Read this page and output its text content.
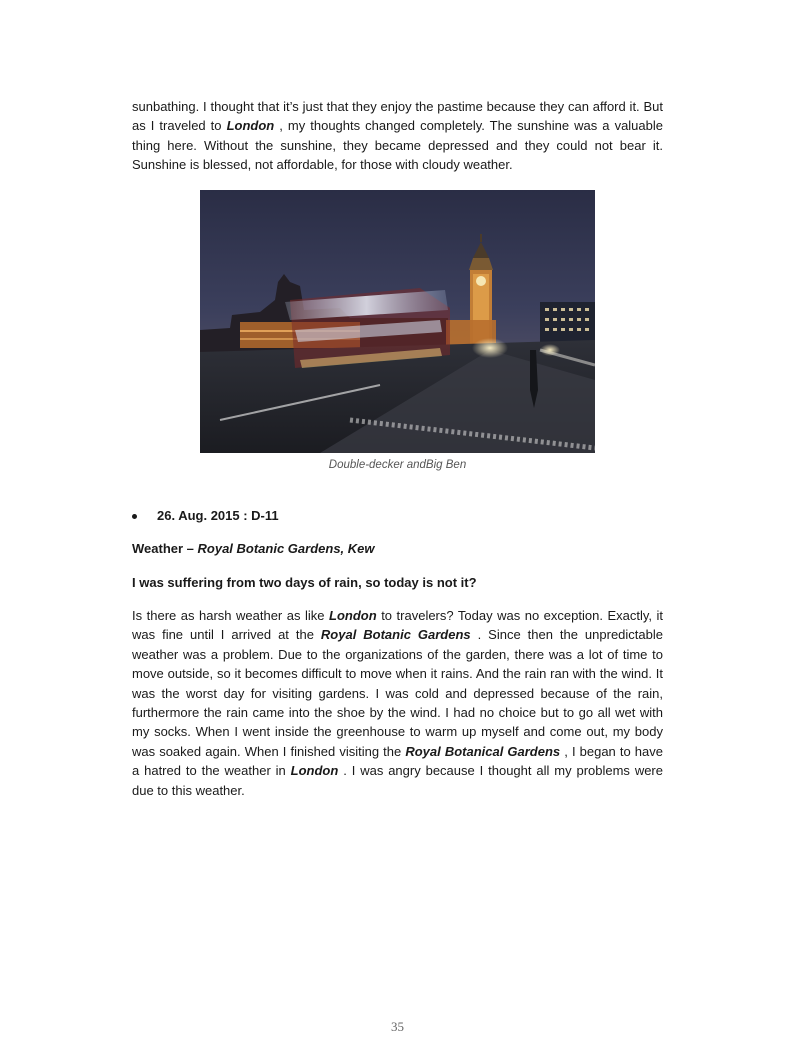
sunbathing. I thought that it’s just that they enjoy the pastime because they can afford it. But as I traveled to London , my thoughts changed completely. The sunshine was a valuable thing here. Without the sunshine, they became depressed and they could not bear it. Sunshine is blessed, not affordable, for those with cloudy weather.

Double-decker andBig Ben
26. Aug. 2015 : D-11
Weather – Royal Botanic Gardens, Kew
I was suffering from two days of rain, so today is not it?

Is there as harsh weather as like London to travelers? Today was no exception. Exactly, it was fine until I arrived at the Royal Botanic Gardens . Since then the unpredictable weather was a problem. Due to the organizations of the garden, there was a lot of time to move outside, so it becomes difficult to move when it rains. And the rain ran with the wind. It was the worst day for visiting gardens. I was cold and depressed because of the rain, furthermore the rain came into the shoe by the wind. I had no choice but to go all wet with my socks. When I went inside the greenhouse to warm up myself and come out, my body was soaked again. When I finished visiting the Royal Botanical Gardens , I began to have a hatred to the weather in London . I was angry because I thought all my problems were due to this weather.

35
